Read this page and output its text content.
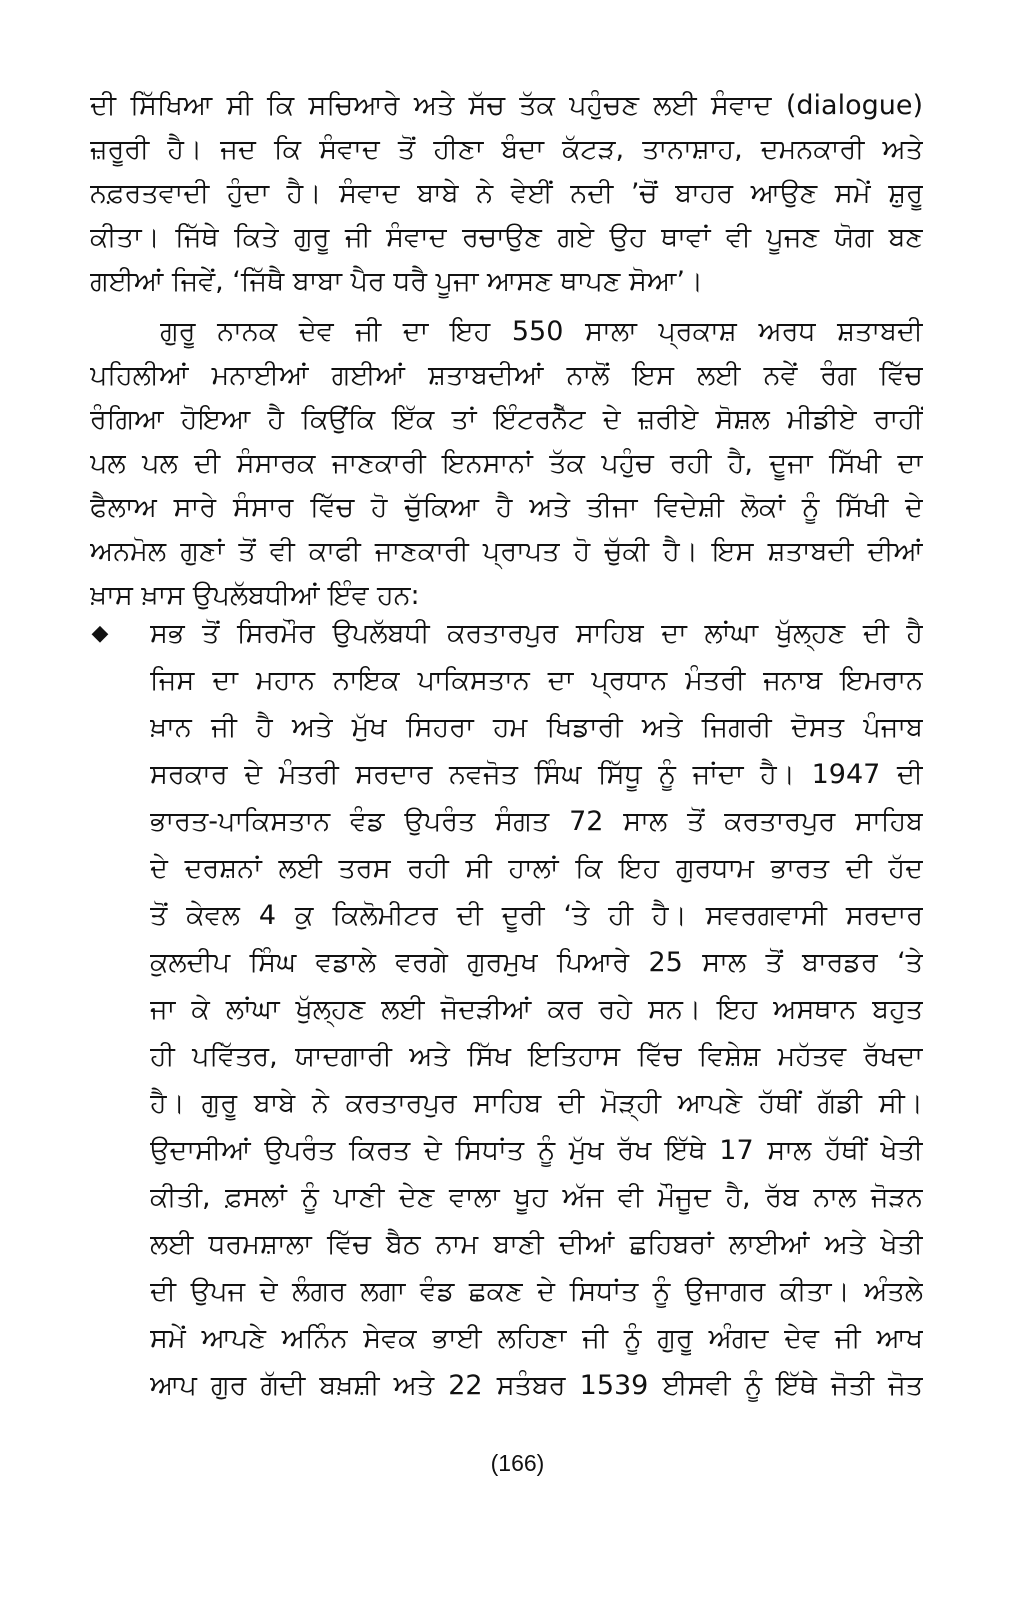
ਦੀ ਸਿੱਖਿਆ ਸੀ ਕਿ ਸਚਿਆਰੇ ਅਤੇ ਸੱਚ ਤੱਕ ਪਹੁੰਚਣ ਲਈ ਸੰਵਾਦ (dialogue)
ਜ਼ਰੂਰੀ ਹੈ। ਜਦ ਕਿ ਸੰਵਾਦ ਤੋਂ ਹੀਣਾ ਬੰਦਾ ਕੱਟੜ, ਤਾਨਾਸ਼ਾਹ, ਦਮਨਕਾਰੀ ਅਤੇ
ਨਫ਼ਰਤਵਾਦੀ ਹੁੰਦਾ ਹੈ। ਸੰਵਾਦ ਬਾਬੇ ਨੇ ਵੇਈਂ ਨਦੀ ’ਚੋਂ ਬਾਹਰ ਆਉਣ ਸਮੇਂ ਸ਼ੁਰੂ
ਕੀਤਾ। ਜਿੱਥੇ ਕਿਤੇ ਗੁਰੂ ਜੀ ਸੰਵਾਦ ਰਚਾਉਣ ਗਏ ਉਹ ਥਾਵਾਂ ਵੀ ਪੂਜਣ ਯੋਗ ਬਣ
ਗਈਆਂ ਜਿਵੇਂ, ‘ਜਿੱਥੈ ਬਾਬਾ ਪੈਰ ਧਰੈ ਪੂਜਾ ਆਸਣ ਥਾਪਣ ਸੋਆ’।
ਗੁਰੂ ਨਾਨਕ ਦੇਵ ਜੀ ਦਾ ਇਹ 550 ਸਾਲਾ ਪ੍ਰਕਾਸ਼ ਅਰਧ ਸ਼ਤਾਬਦੀ
ਪਹਿਲੀਆਂ ਮਨਾਈਆਂ ਗਈਆਂ ਸ਼ਤਾਬਦੀਆਂ ਨਾਲੋਂ ਇਸ ਲਈ ਨਵੇਂ ਰੰਗ ਵਿੱਚ
ਰੰਗਿਆ ਹੋਇਆ ਹੈ ਕਿਉਂਕਿ ਇੱਕ ਤਾਂ ਇੰਟਰਨੈੱਟ ਦੇ ਜ਼ਰੀਏ ਸੋਸ਼ਲ ਮੀਡੀਏ ਰਾਹੀਂ
ਪਲ ਪਲ ਦੀ ਸੰਸਾਰਕ ਜਾਣਕਾਰੀ ਇਨਸਾਨਾਂ ਤੱਕ ਪਹੁੰਚ ਰਹੀ ਹੈ, ਦੂਜਾ ਸਿੱਖੀ ਦਾ
ਫੈਲਾਅ ਸਾਰੇ ਸੰਸਾਰ ਵਿੱਚ ਹੋ ਚੁੱਕਿਆ ਹੈ ਅਤੇ ਤੀਜਾ ਵਿਦੇਸ਼ੀ ਲੋਕਾਂ ਨੂੰ ਸਿੱਖੀ ਦੇ
ਅਨਮੋਲ ਗੁਣਾਂ ਤੋਂ ਵੀ ਕਾਫੀ ਜਾਣਕਾਰੀ ਪ੍ਰਾਪਤ ਹੋ ਚੁੱਕੀ ਹੈ। ਇਸ ਸ਼ਤਾਬਦੀ ਦੀਆਂ
ਖ਼ਾਸ ਖ਼ਾਸ ਉਪਲੱਬਧੀਆਂ ਇੰਵ ਹਨ:
◆ ਸਭ ਤੋਂ ਸਿਰਮੌਰ ਉਪਲੱਬਧੀ ਕਰਤਾਰਪੁਰ ਸਾਹਿਬ ਦਾ ਲਾਂਘਾ ਖੁੱਲ੍ਹਣ ਦੀ ਹੈ
ਜਿਸ ਦਾ ਮਹਾਨ ਨਾਇਕ ਪਾਕਿਸਤਾਨ ਦਾ ਪ੍ਰਧਾਨ ਮੰਤਰੀ ਜਨਾਬ ਇਮਰਾਨ
ਖ਼ਾਨ ਜੀ ਹੈ ਅਤੇ ਮੁੱਖ ਸਿਹਰਾ ਹਮ ਖਿਡਾਰੀ ਅਤੇ ਜਿਗਰੀ ਦੋਸਤ ਪੰਜਾਬ
ਸਰਕਾਰ ਦੇ ਮੰਤਰੀ ਸਰਦਾਰ ਨਵਜੋਤ ਸਿੰਘ ਸਿੱਧੂ ਨੂੰ ਜਾਂਦਾ ਹੈ। 1947 ਦੀ
ਭਾਰਤ-ਪਾਕਿਸਤਾਨ ਵੰਡ ਉਪਰੰਤ ਸੰਗਤ 72 ਸਾਲ ਤੋਂ ਕਰਤਾਰਪੁਰ ਸਾਹਿਬ
ਦੇ ਦਰਸ਼ਨਾਂ ਲਈ ਤਰਸ ਰਹੀ ਸੀ ਹਾਲਾਂ ਕਿ ਇਹ ਗੁਰਧਾਮ ਭਾਰਤ ਦੀ ਹੱਦ
ਤੋਂ ਕੇਵਲ 4 ਕੁ ਕਿਲੋਮੀਟਰ ਦੀ ਦੂਰੀ ‘ਤੇ ਹੀ ਹੈ। ਸਵਰਗਵਾਸੀ ਸਰਦਾਰ
ਕੁਲਦੀਪ ਸਿੰਘ ਵਡਾਲੇ ਵਰਗੇ ਗੁਰਮੁਖ ਪਿਆਰੇ 25 ਸਾਲ ਤੋਂ ਬਾਰਡਰ ‘ਤੇ
ਜਾ ਕੇ ਲਾਂਘਾ ਖੁੱਲ੍ਹਣ ਲਈ ਜੋਦੜੀਆਂ ਕਰ ਰਹੇ ਸਨ। ਇਹ ਅਸਥਾਨ ਬਹੁਤ
ਹੀ ਪਵਿੱਤਰ, ਯਾਦਗਾਰੀ ਅਤੇ ਸਿੱਖ ਇਤਿਹਾਸ ਵਿੱਚ ਵਿਸ਼ੇਸ਼ ਮਹੱਤਵ ਰੱਖਦਾ
ਹੈ। ਗੁਰੂ ਬਾਬੇ ਨੇ ਕਰਤਾਰਪੁਰ ਸਾਹਿਬ ਦੀ ਮੋੜ੍ਹੀ ਆਪਣੇ ਹੱਥੀਂ ਗੱਡੀ ਸੀ।
ਉਦਾਸੀਆਂ ਉਪਰੰਤ ਕਿਰਤ ਦੇ ਸਿਧਾਂਤ ਨੂੰ ਮੁੱਖ ਰੱਖ ਇੱਥੇ 17 ਸਾਲ ਹੱਥੀਂ ਖੇਤੀ
ਕੀਤੀ, ਫ਼ਸਲਾਂ ਨੂੰ ਪਾਣੀ ਦੇਣ ਵਾਲਾ ਖੂਹ ਅੱਜ ਵੀ ਮੌਜੂਦ ਹੈ, ਰੱਬ ਨਾਲ ਜੋੜਨ
ਲਈ ਧਰਮਸ਼ਾਲਾ ਵਿੱਚ ਬੈਠ ਨਾਮ ਬਾਣੀ ਦੀਆਂ ਛਹਿਬਰਾਂ ਲਾਈਆਂ ਅਤੇ ਖੇਤੀ
ਦੀ ਉਪਜ ਦੇ ਲੰਗਰ ਲਗਾ ਵੰਡ ਛਕਣ ਦੇ ਸਿਧਾਂਤ ਨੂੰ ਉਜਾਗਰ ਕੀਤਾ। ਅੰਤਲੇ
ਸਮੇਂ ਆਪਣੇ ਅਨਿੰਨ ਸੇਵਕ ਭਾਈ ਲਹਿਣਾ ਜੀ ਨੂੰ ਗੁਰੂ ਅੰਗਦ ਦੇਵ ਜੀ ਆਖ
ਆਪ ਗੁਰ ਗੱਦੀ ਬਖ਼ਸ਼ੀ ਅਤੇ 22 ਸਤੰਬਰ 1539 ਈਸਵੀ ਨੂੰ ਇੱਥੇ ਜੋਤੀ ਜੋਤ
(166)
